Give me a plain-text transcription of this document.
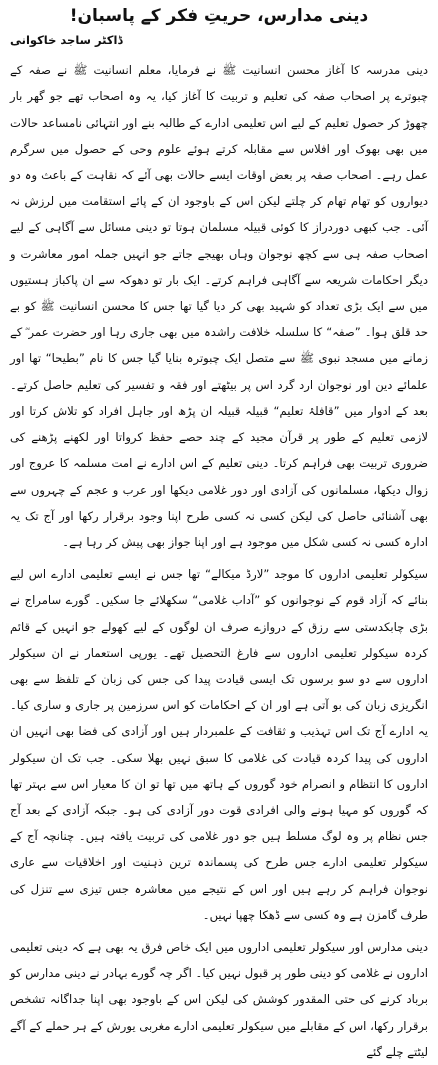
دینی مدارس، حریتِ فکر کے پاسبان!
ڈاکٹر ساجد خاکوانی

دینی مدرسہ کا آغاز محسن انسانیت ﷺ نے فرمایا، معلم انسانیت ﷺ نے صفہ کے چبوترے پر اصحاب صفہ کی تعلیم و تربیت کا آغاز کیا، یہ وہ اصحاب تھے جو گھر بار چھوڑ کر حصول تعلیم کے لیے اس تعلیمی ادارے کے طالبہ بنے اور انتہائی نامساعد حالات میں بھی بھوک اور افلاس سے مقابلہ کرتے ہوئے علوم وحی کے حصول میں سرگرم عمل رہے۔ اصحاب صفہ پر بعض اوقات ایسے حالات بھی آئے کہ نقاہت کے باعث وہ دو دیواروں کو تھام تھام کر چلتے لیکن اس کے باوجود ان کے پائے استقامت میں لرزش نہ آئی۔ جب کبھی دوردراز کا کوئی قبیلہ مسلمان ہوتا تو دینی مسائل سے آگاہی کے لیے اصحاب صفہ ہی سے کچھ نوجوان وہاں بھیجے جاتے جو انہیں جملہ امور معاشرت و دیگر احکامات شریعہ سے آگاہی فراہم کرتے۔ ایک بار تو دھوکہ سے ان پاکباز ہستیوں میں سے ایک بڑی تعداد کو شہید بھی کر دیا گیا تھا جس کا محسن انسانیت ﷺ کو بے حد قلق ہوا۔ ”صفہ“ کا سلسلہ خلافت راشدہ میں بھی جاری رہا اور حضرت عمر ؓ کے زمانے میں مسجد نبوی ﷺ سے متصل ایک چبوترہ بنایا گیا جس کا نام ”بطیحا“ تھا اور علمائے دین اور نوجوان ارد گرد اس پر بیٹھتے اور فقہ و تفسیر کی تعلیم حاصل کرتے۔ بعد کے ادوار میں ”قافلۂ تعلیم“ قبیلہ قبیلہ ان پڑھ اور جاہل افراد کو تلاش کرتا اور لازمی تعلیم کے طور پر قرآن مجید کے چند حصے حفظ کرواتا اور لکھنے پڑھنے کی ضروری تربیت بھی فراہم کرتا۔ دینی تعلیم کے اس ادارے نے امت مسلمہ کا عروج اور زوال دیکھا، مسلمانوں کی آزادی اور دور غلامی دیکھا اور عرب و عجم کے چہروں سے بھی آشنائی حاصل کی لیکن کسی نہ کسی طرح اپنا وجود برقرار رکھا اور آج تک یہ ادارہ کسی نہ کسی شکل میں موجود ہے اور اپنا جواز بھی پیش کر رہا ہے۔

سیکولر تعلیمی اداروں کا موجد ”لارڈ میکالے“ تھا جس نے ایسے تعلیمی ادارے اس لیے بنائے کہ آزاد قوم کے نوجوانوں کو ”آداب غلامی“ سکھلائے جا سکیں۔ گورے سامراج نے بڑی چابکدستی سے رزق کے دروازے صرف ان لوگوں کے لیے کھولے جو انہیں کے قائم کردہ سیکولر تعلیمی اداروں سے فارغ التحصیل تھے۔ یورپی استعمار نے ان سیکولر اداروں سے دو سو برسوں تک ایسی قیادت پیدا کی جس کی زبان کے تلفظ سے بھی انگریزی زبان کی بو آتی ہے اور ان کے احکامات کو اس سرزمین پر جاری و ساری کیا۔ یہ ادارے آج تک اس تہذیب و ثقافت کے علمبردار ہیں اور آزادی کی فضا بھی انہیں ان اداروں کی پیدا کردہ قیادت کی غلامی کا سبق نہیں بھلا سکی۔ جب تک ان سیکولر اداروں کا انتظام و انصرام خود گوروں کے ہاتھ میں تھا تو ان کا معیار اس سے بہتر تھا کہ گوروں کو مہیا ہونے والی افرادی قوت دور آزادی کی ہو۔ جبکہ آزادی کے بعد آج جس نظام پر وہ لوگ مسلط ہیں جو دور غلامی کی تربیت یافتہ ہیں۔ چنانچہ آج کے سیکولر تعلیمی ادارے جس طرح کی پسماندہ ترین ذہنیت اور اخلاقیات سے عاری نوجوان فراہم کر رہے ہیں اور اس کے نتیجے میں معاشرہ جس تیزی سے تنزل کی طرف گامزن ہے وہ کسی سے ڈھکا چھپا نہیں۔

دینی مدارس اور سیکولر تعلیمی اداروں میں ایک خاص فرق یہ بھی ہے کہ دینی تعلیمی اداروں نے غلامی کو دینی طور پر قبول نہیں کیا۔ اگر چہ گورے بہادر نے دینی مدارس کو برباد کرنے کی حتی المقدور کوشش کی لیکن اس کے باوجود بھی اپنا جداگانہ تشخص برقرار رکھا، اس کے مقابلے میں سیکولر تعلیمی ادارے مغربی یورش کے ہر حملے کے آگے لیٹتے چلے گئے
